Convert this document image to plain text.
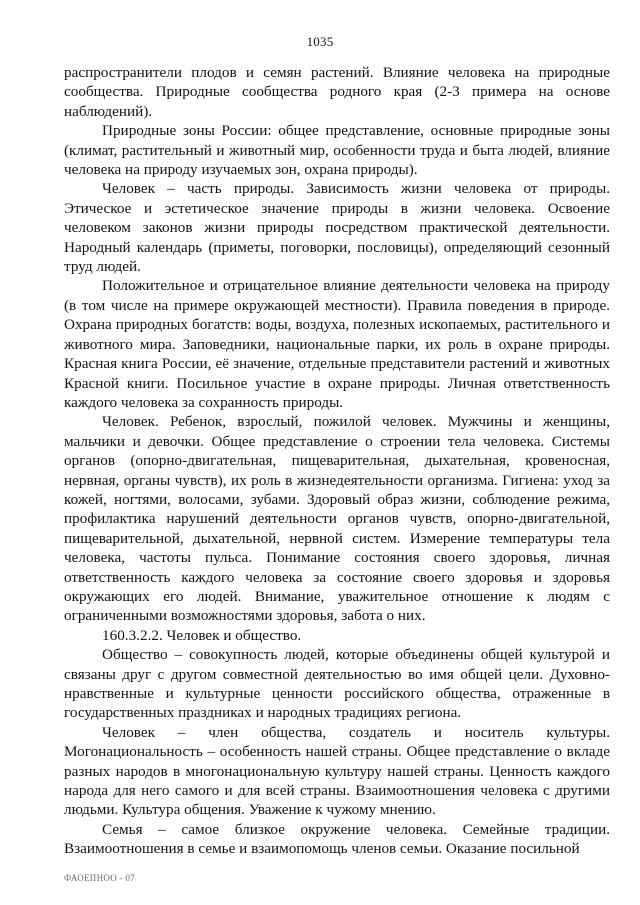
1035

распространители плодов и семян растений. Влияние человека на природные сообщества. Природные сообщества родного края (2-3 примера на основе наблюдений).

Природные зоны России: общее представление, основные природные зоны (климат, растительный и животный мир, особенности труда и быта людей, влияние человека на природу изучаемых зон, охрана природы).

Человек – часть природы. Зависимость жизни человека от природы. Этическое и эстетическое значение природы в жизни человека. Освоение человеком законов жизни природы посредством практической деятельности. Народный календарь (приметы, поговорки, пословицы), определяющий сезонный труд людей.

Положительное и отрицательное влияние деятельности человека на природу (в том числе на примере окружающей местности). Правила поведения в природе. Охрана природных богатств: воды, воздуха, полезных ископаемых, растительного и животного мира. Заповедники, национальные парки, их роль в охране природы. Красная книга России, её значение, отдельные представители растений и животных Красной книги. Посильное участие в охране природы. Личная ответственность каждого человека за сохранность природы.

Человек. Ребенок, взрослый, пожилой человек. Мужчины и женщины, мальчики и девочки. Общее представление о строении тела человека. Системы органов (опорно-двигательная, пищеварительная, дыхательная, кровеносная, нервная, органы чувств), их роль в жизнедеятельности организма. Гигиена: уход за кожей, ногтями, волосами, зубами. Здоровый образ жизни, соблюдение режима, профилактика нарушений деятельности органов чувств, опорно-двигательной, пищеварительной, дыхательной, нервной систем. Измерение температуры тела человека, частоты пульса. Понимание состояния своего здоровья, личная ответственность каждого человека за состояние своего здоровья и здоровья окружающих его людей. Внимание, уважительное отношение к людям с ограниченными возможностями здоровья, забота о них.

160.3.2.2. Человек и общество.

Общество – совокупность людей, которые объединены общей культурой и связаны друг с другом совместной деятельностью во имя общей цели. Духовно-нравственные и культурные ценности российского общества, отраженные в государственных праздниках и народных традициях региона.

Человек – член общества, создатель и носитель культуры. Могонациональность – особенность нашей страны. Общее представление о вкладе разных народов в многонациональную культуру нашей страны. Ценность каждого народа для него самого и для всей страны. Взаимоотношения человека с другими людьми. Культура общения. Уважение к чужому мнению.

Семья – самое близкое окружение человека. Семейные традиции. Взаимоотношения в семье и взаимопомощь членов семьи. Оказание посильной

ФАОЕПНОО - 07
